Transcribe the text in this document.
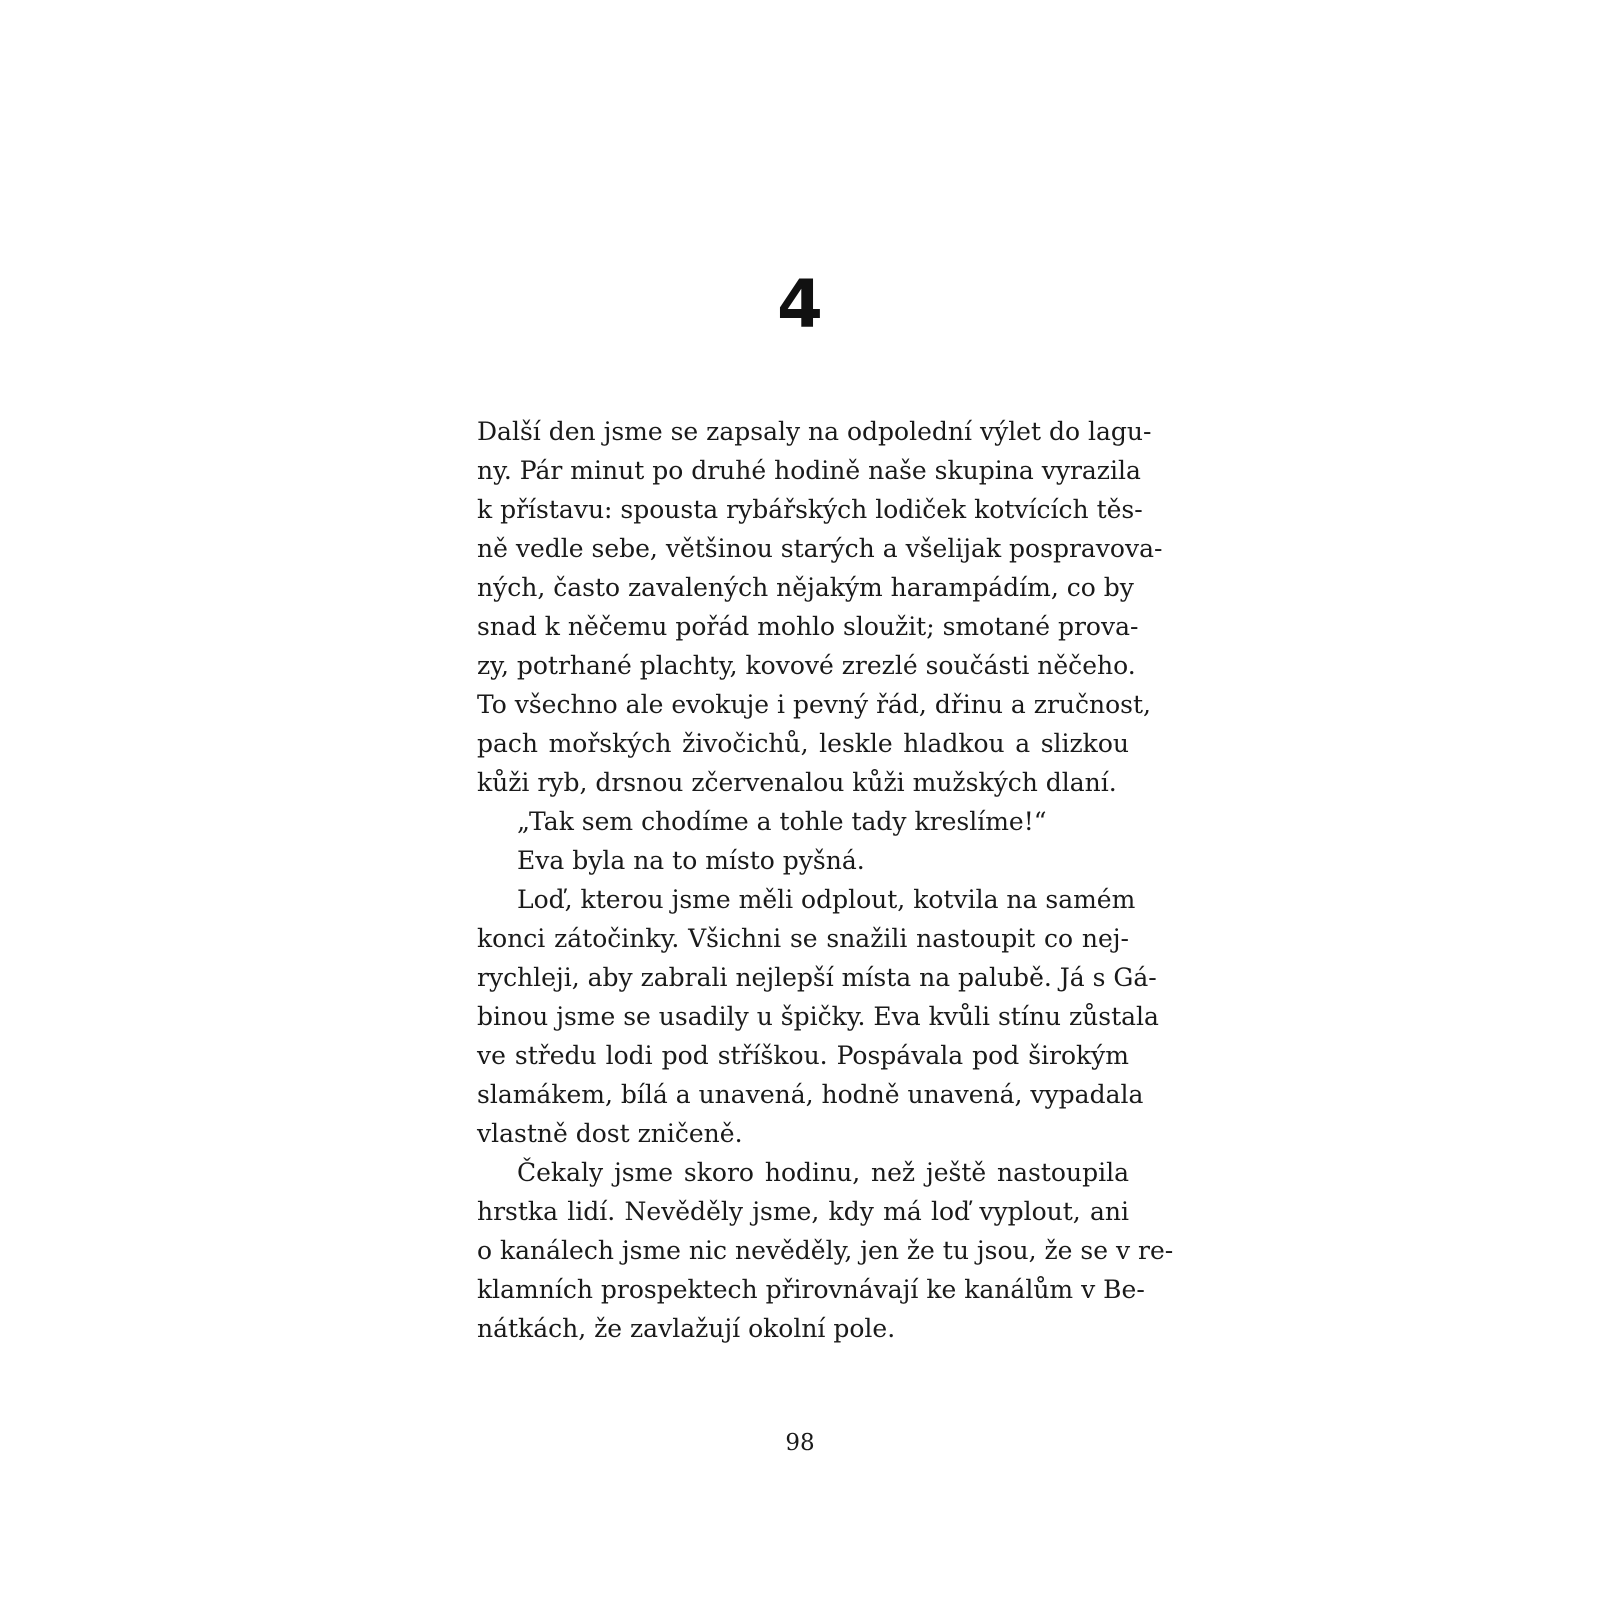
4
Další den jsme se zapsaly na odpolední výlet do lagu-
ny. Pár minut po druhé hodině naše skupina vyrazila
k přístavu: spousta rybářských lodiček kotvících těs-
ně vedle sebe, většinou starých a všelijak pospravova-
ných, často zavalených nějakým harampádím, co by
snad k něčemu pořád mohlo sloužit; smotané prova-
zy, potrhané plachty, kovové zrezlé součásti něčeho.
To všechno ale evokuje i pevný řád, dřinu a zručnost,
pach mořských živočichů, leskle hladkou a slizkou
kůži ryb, drsnou zčervenalou kůži mužských dlaní.
„Tak sem chodíme a tohle tady kreslíme!“
Eva byla na to místo pyšná.
Loď, kterou jsme měli odplout, kotvila na samém
konci zátočinky. Všichni se snažili nastoupit co nej-
rychleji, aby zabrali nejlepší místa na palubě. Já s Gá-
binou jsme se usadily u špičky. Eva kvůli stínu zůstala
ve středu lodi pod stříškou. Pospávala pod širokým
slamákem, bílá a unavená, hodně unavená, vypadala
vlastně dost zničeně.
Čekaly jsme skoro hodinu, než ještě nastoupila
hrstka lidí. Nevěděly jsme, kdy má loď vyplout, ani
o kanálech jsme nic nevěděly, jen že tu jsou, že se v re-
klamních prospektech přirovnávají ke kanálům v Be-
nátkách, že zavlažují okolní pole.
98
